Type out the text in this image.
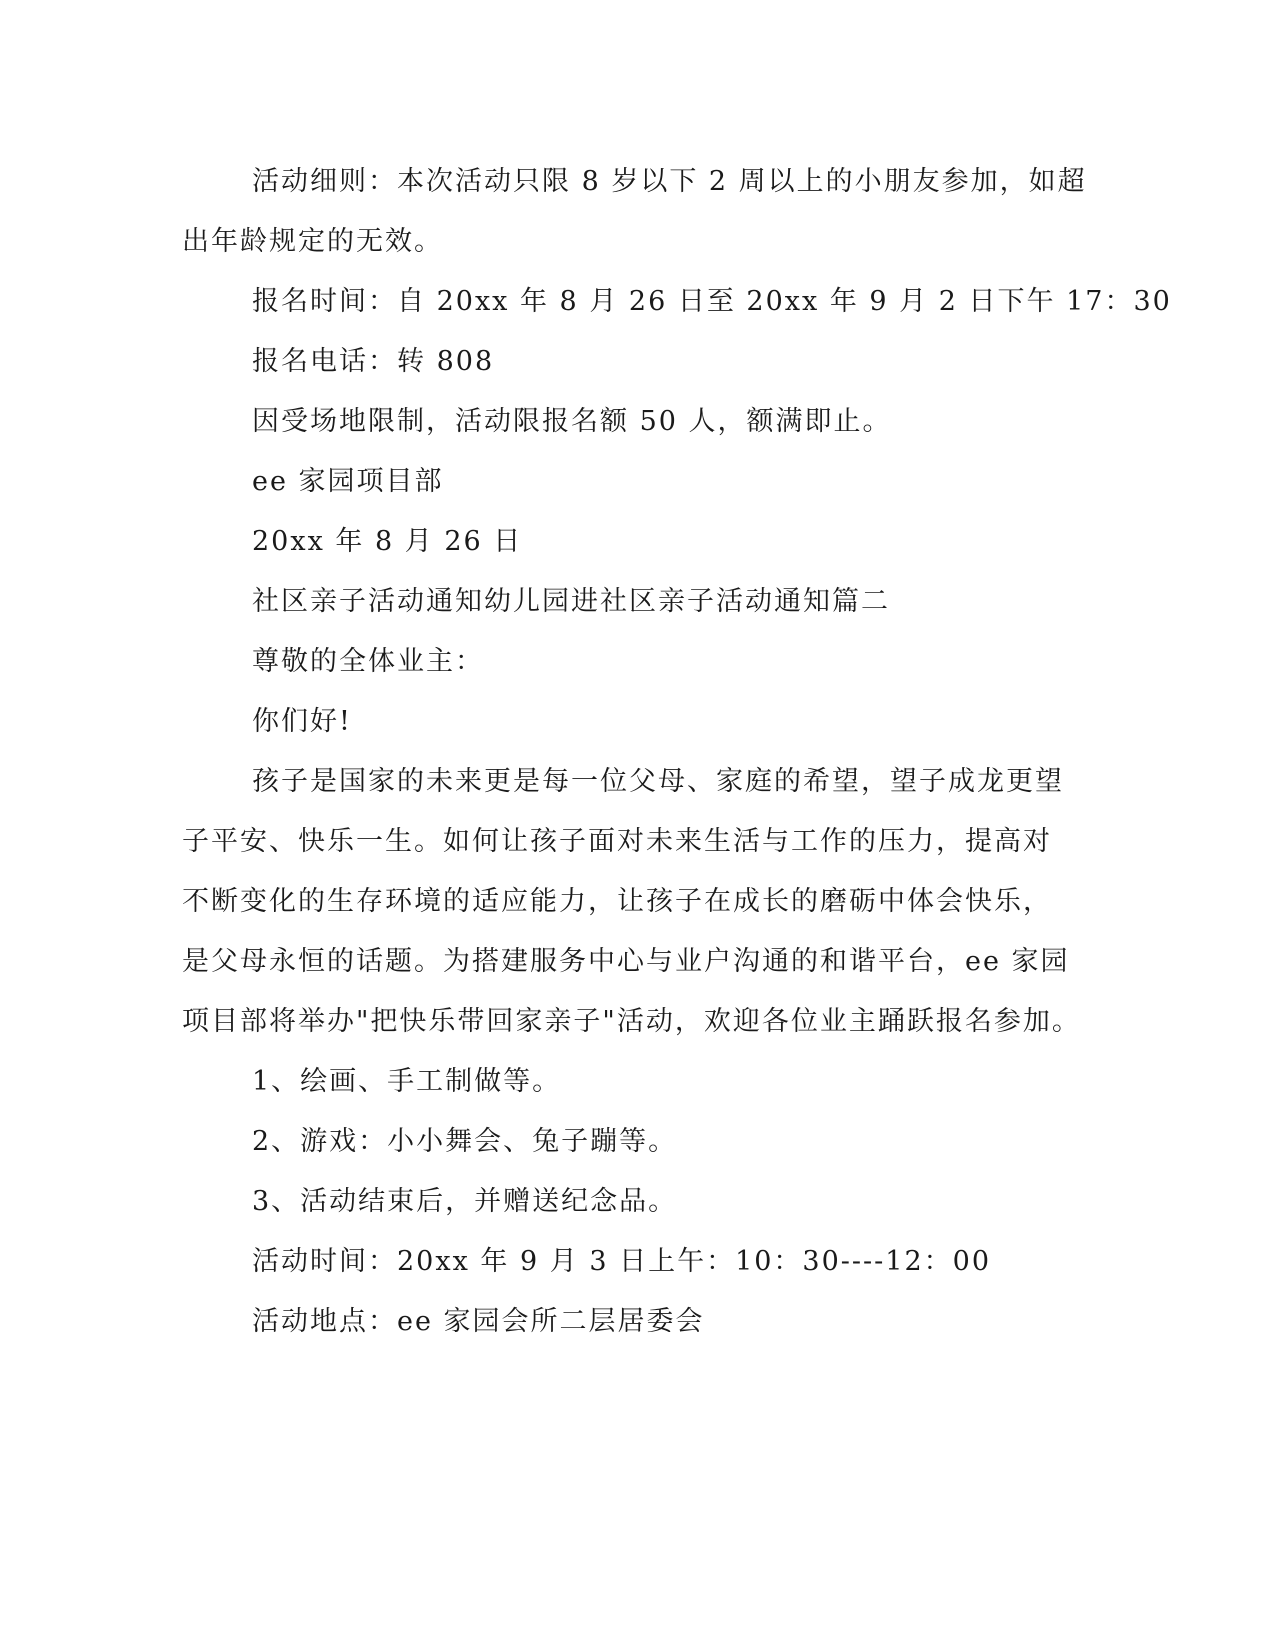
活动细则：本次活动只限 8 岁以下 2 周以上的小朋友参加，如超
出年龄规定的无效。
报名时间：自 20xx 年 8 月 26 日至 20xx 年 9 月 2 日下午 17：30
报名电话：转 808
因受场地限制，活动限报名额 50 人，额满即止。
ee 家园项目部
20xx 年 8 月 26 日
社区亲子活动通知幼儿园进社区亲子活动通知篇二
尊敬的全体业主：
你们好!
孩子是国家的未来更是每一位父母、家庭的希望，望子成龙更望
子平安、快乐一生。如何让孩子面对未来生活与工作的压力，提高对
不断变化的生存环境的适应能力，让孩子在成长的磨砺中体会快乐，
是父母永恒的话题。为搭建服务中心与业户沟通的和谐平台，ee 家园
项目部将举办"把快乐带回家亲子"活动，欢迎各位业主踊跃报名参加。
1、绘画、手工制做等。
2、游戏：小小舞会、兔子蹦等。
3、活动结束后，并赠送纪念品。
活动时间：20xx 年 9 月 3 日上午：10：30----12：00
活动地点：ee 家园会所二层居委会
